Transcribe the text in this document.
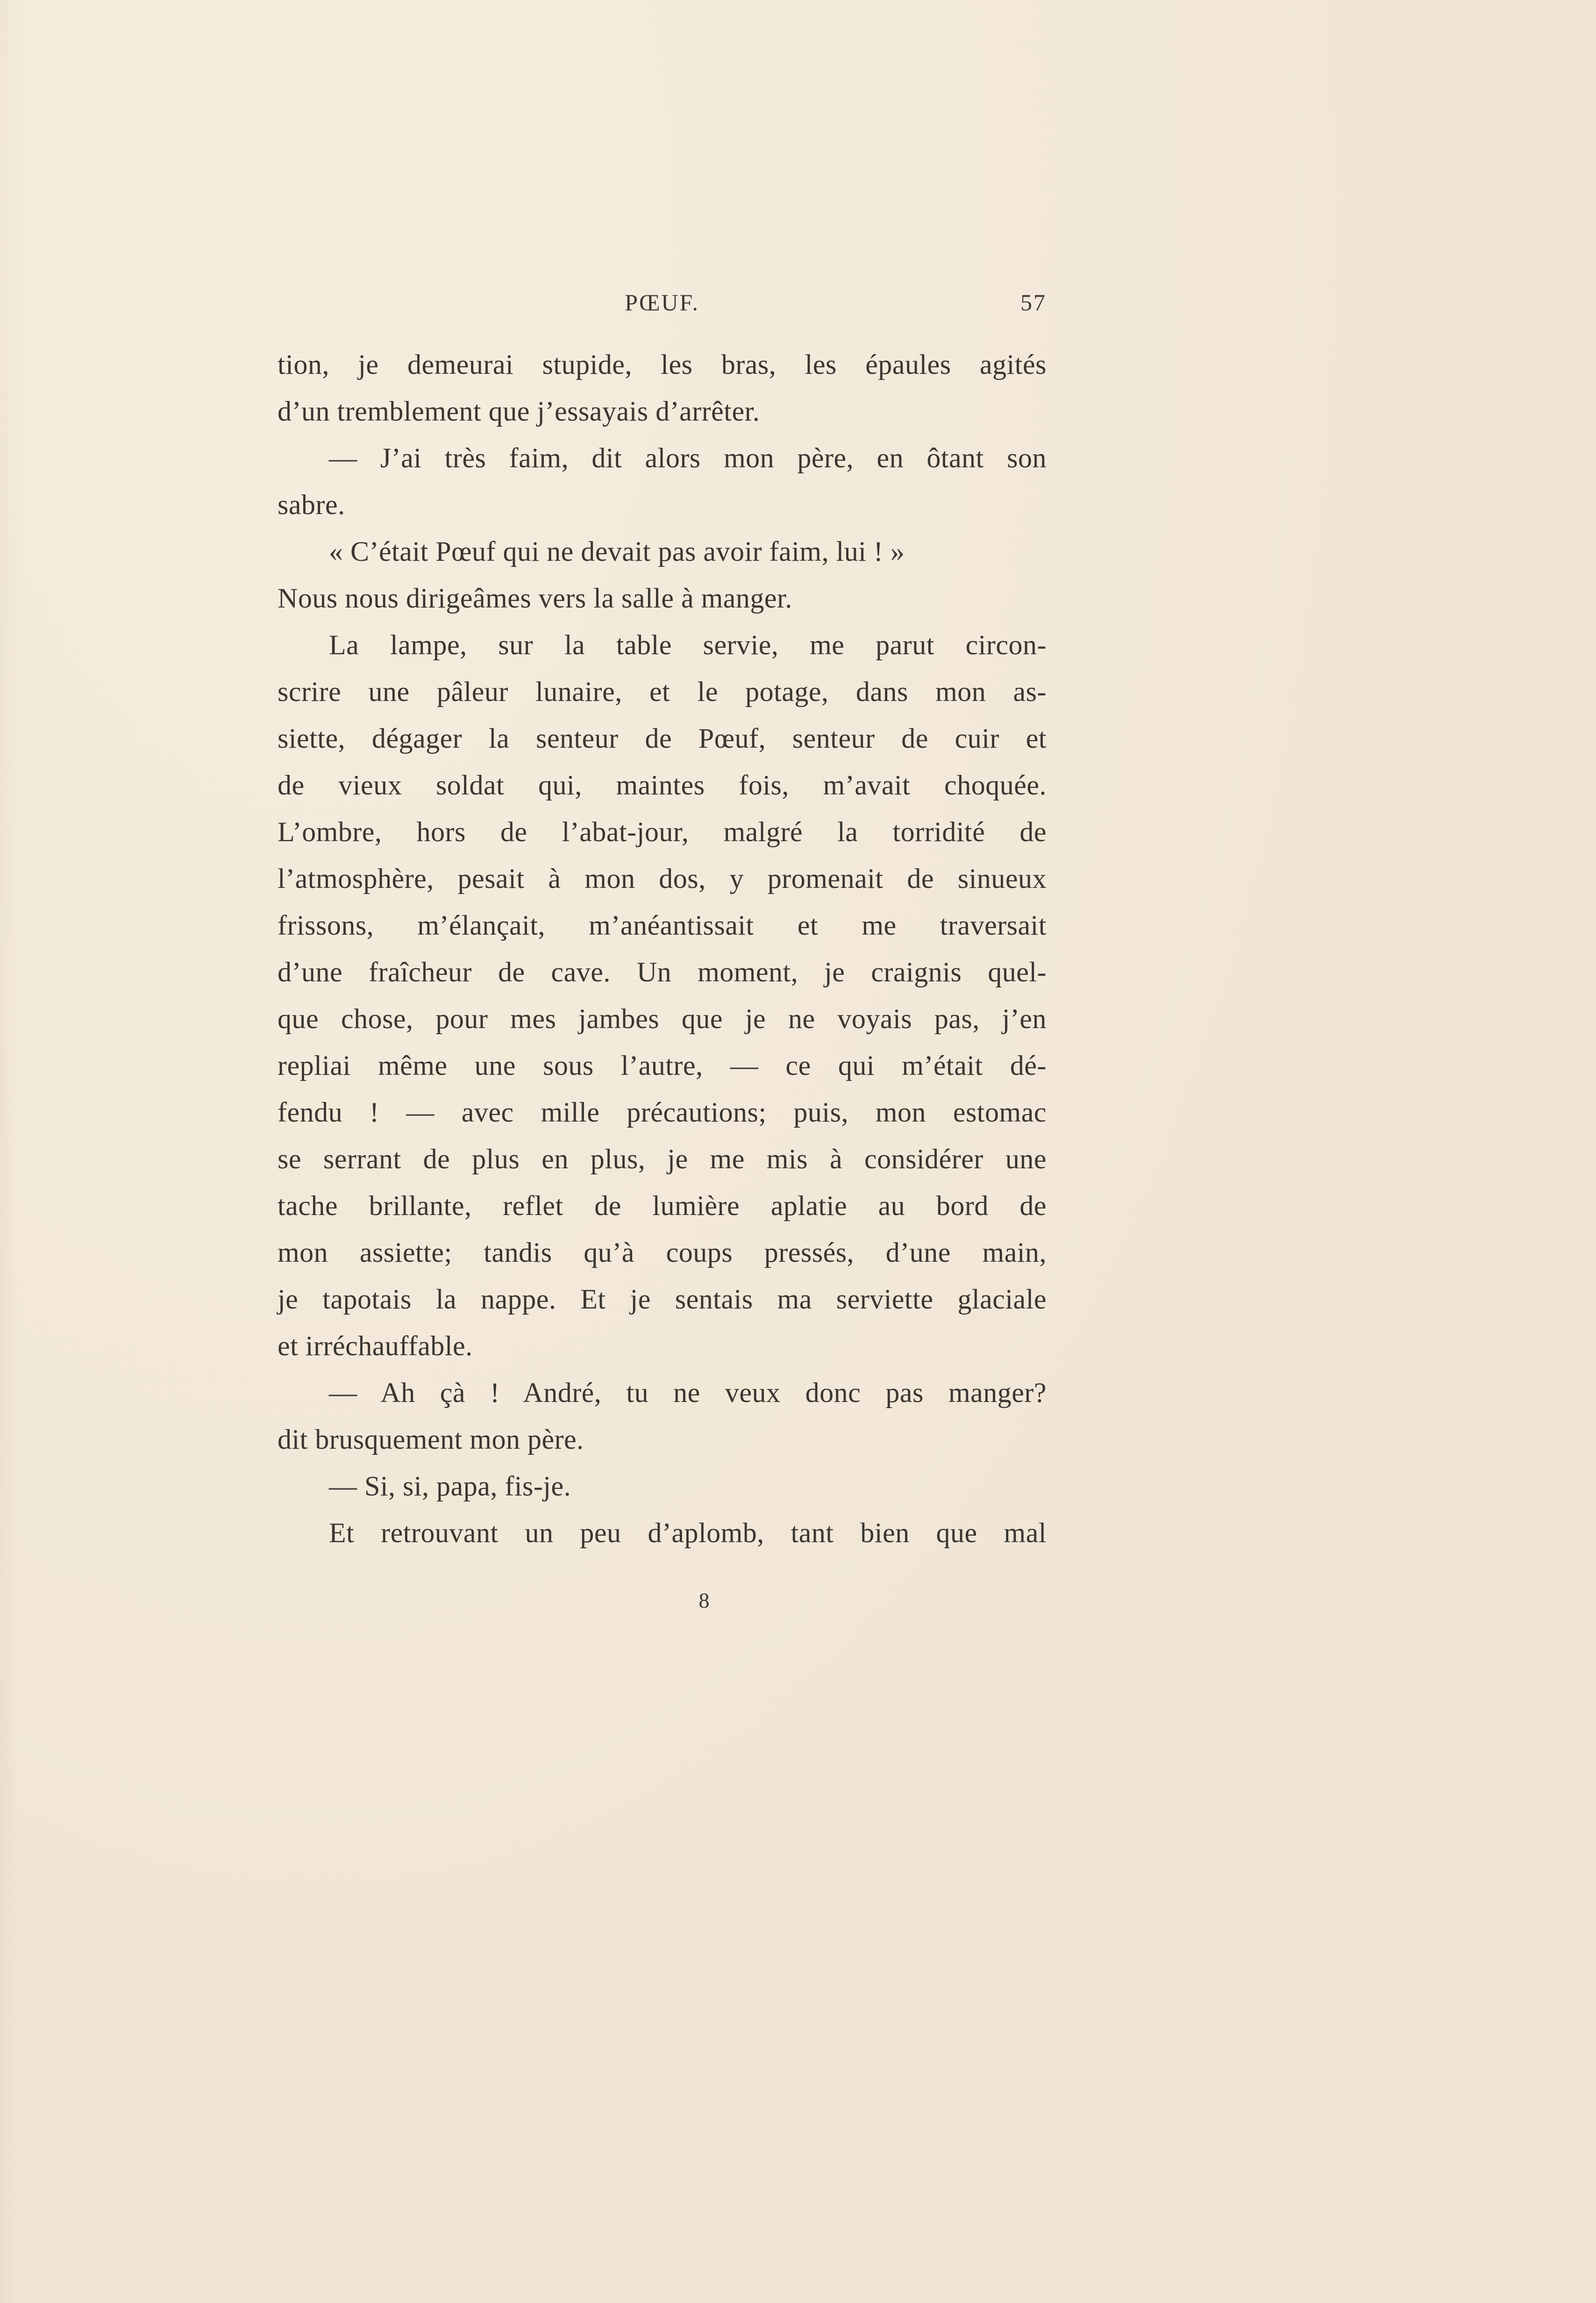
PŒUF.	57
tion, je demeurai stupide, les bras, les épaules agités
d’un tremblement que j’essayais d’arrêter.
— J’ai très faim, dit alors mon père, en ôtant son
sabre.
« C’était Pœuf qui ne devait pas avoir faim, lui ! »
Nous nous dirigeâmes vers la salle à manger.
La lampe, sur la table servie, me parut circon-
scrire une pâleur lunaire, et le potage, dans mon as-
siette, dégager la senteur de Pœuf, senteur de cuir et
de vieux soldat qui, maintes fois, m’avait choquée.
L’ombre, hors de l’abat-jour, malgré la torridité de
l’atmosphère, pesait à mon dos, y promenait de sinueux
frissons, m’élançait, m’anéantissait et me traversait
d’une fraîcheur de cave. Un moment, je craignis quel-
que chose, pour mes jambes que je ne voyais pas, j’en
repliai même une sous l’autre, — ce qui m’était dé-
fendu ! — avec mille précautions; puis, mon estomac
se serrant de plus en plus, je me mis à considérer une
tache brillante, reflet de lumière aplatie au bord de
mon assiette; tandis qu’à coups pressés, d’une main,
je tapotais la nappe. Et je sentais ma serviette glaciale
et irréchauffable.
— Ah çà ! André, tu ne veux donc pas manger?
dit brusquement mon père.
— Si, si, papa, fis-je.
Et retrouvant un peu d’aplomb, tant bien que mal
8
